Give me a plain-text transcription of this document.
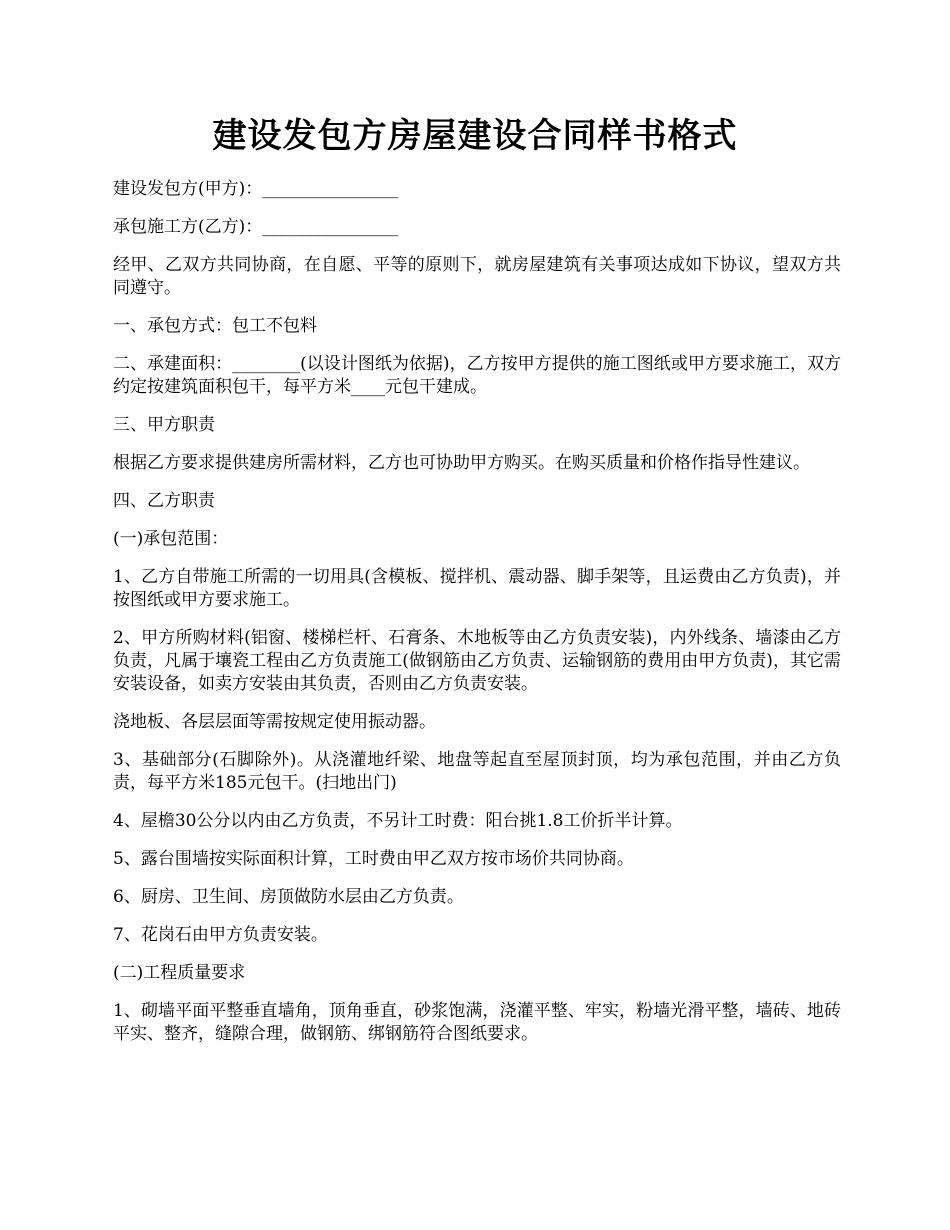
建设发包方房屋建设合同样书格式

建设发包方(甲方)：________________

承包施工方(乙方)：________________

经甲、乙双方共同协商，在自愿、平等的原则下，就房屋建筑有关事项达成如下协议，望双方共同遵守。

一、承包方式：包工不包料

二、承建面积：________(以设计图纸为依据)，乙方按甲方提供的施工图纸或甲方要求施工，双方约定按建筑面积包干，每平方米____元包干建成。

三、甲方职责

根据乙方要求提供建房所需材料，乙方也可协助甲方购买。在购买质量和价格作指导性建议。

四、乙方职责

(一)承包范围：

1、乙方自带施工所需的一切用具(含模板、搅拌机、震动器、脚手架等，且运费由乙方负责)，并按图纸或甲方要求施工。

2、甲方所购材料(铝窗、楼梯栏杆、石膏条、木地板等由乙方负责安装)，内外线条、墙漆由乙方负责，凡属于壤瓷工程由乙方负责施工(做钢筋由乙方负责、运输钢筋的费用由甲方负责)，其它需安装设备，如卖方安装由其负责，否则由乙方负责安装。

浇地板、各层层面等需按规定使用振动器。

3、基础部分(石脚除外)。从浇灌地纤梁、地盘等起直至屋顶封顶，均为承包范围，并由乙方负责，每平方米185元包干。(扫地出门)

4、屋檐30公分以内由乙方负责，不另计工时费：阳台挑1.8工价折半计算。

5、露台围墙按实际面积计算，工时费由甲乙双方按市场价共同协商。

6、厨房、卫生间、房顶做防水层由乙方负责。

7、花岗石由甲方负责安装。

(二)工程质量要求

1、砌墙平面平整垂直墙角，顶角垂直，砂浆饱满，浇灌平整、牢实，粉墙光滑平整，墙砖、地砖平实、整齐，缝隙合理，做钢筋、绑钢筋符合图纸要求。
